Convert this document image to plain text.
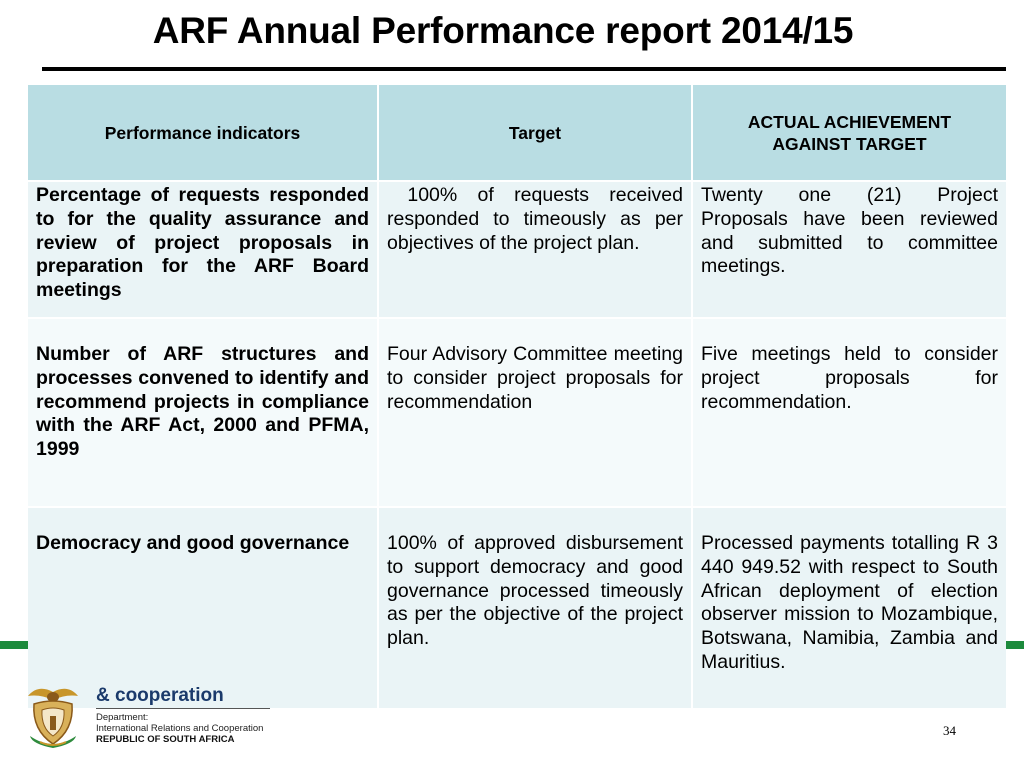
ARF Annual Performance report 2014/15
Performance indicators	Target	ACTUAL ACHIEVEMENT AGAINST TARGET
Percentage of requests responded to for the quality assurance and review of project proposals in preparation for the ARF Board meetings	100% of requests received responded to timeously as per objectives of the project plan.	Twenty one (21) Project Proposals have been reviewed and submitted to committee meetings.
Number of ARF structures and processes convened to identify and recommend projects in compliance with the ARF Act, 2000 and PFMA, 1999	Four Advisory Committee meeting to consider project proposals for recommendation	Five meetings held to consider project proposals for recommendation.
Democracy and good governance	100% of approved disbursement to support democracy and good governance processed timeously as per the objective of the project plan.	Processed payments totalling R 3 440 949.52 with respect to South African deployment of election observer mission to Mozambique, Botswana, Namibia, Zambia and Mauritius.
& cooperation
Department:
International Relations and Cooperation
REPUBLIC OF SOUTH AFRICA
34
